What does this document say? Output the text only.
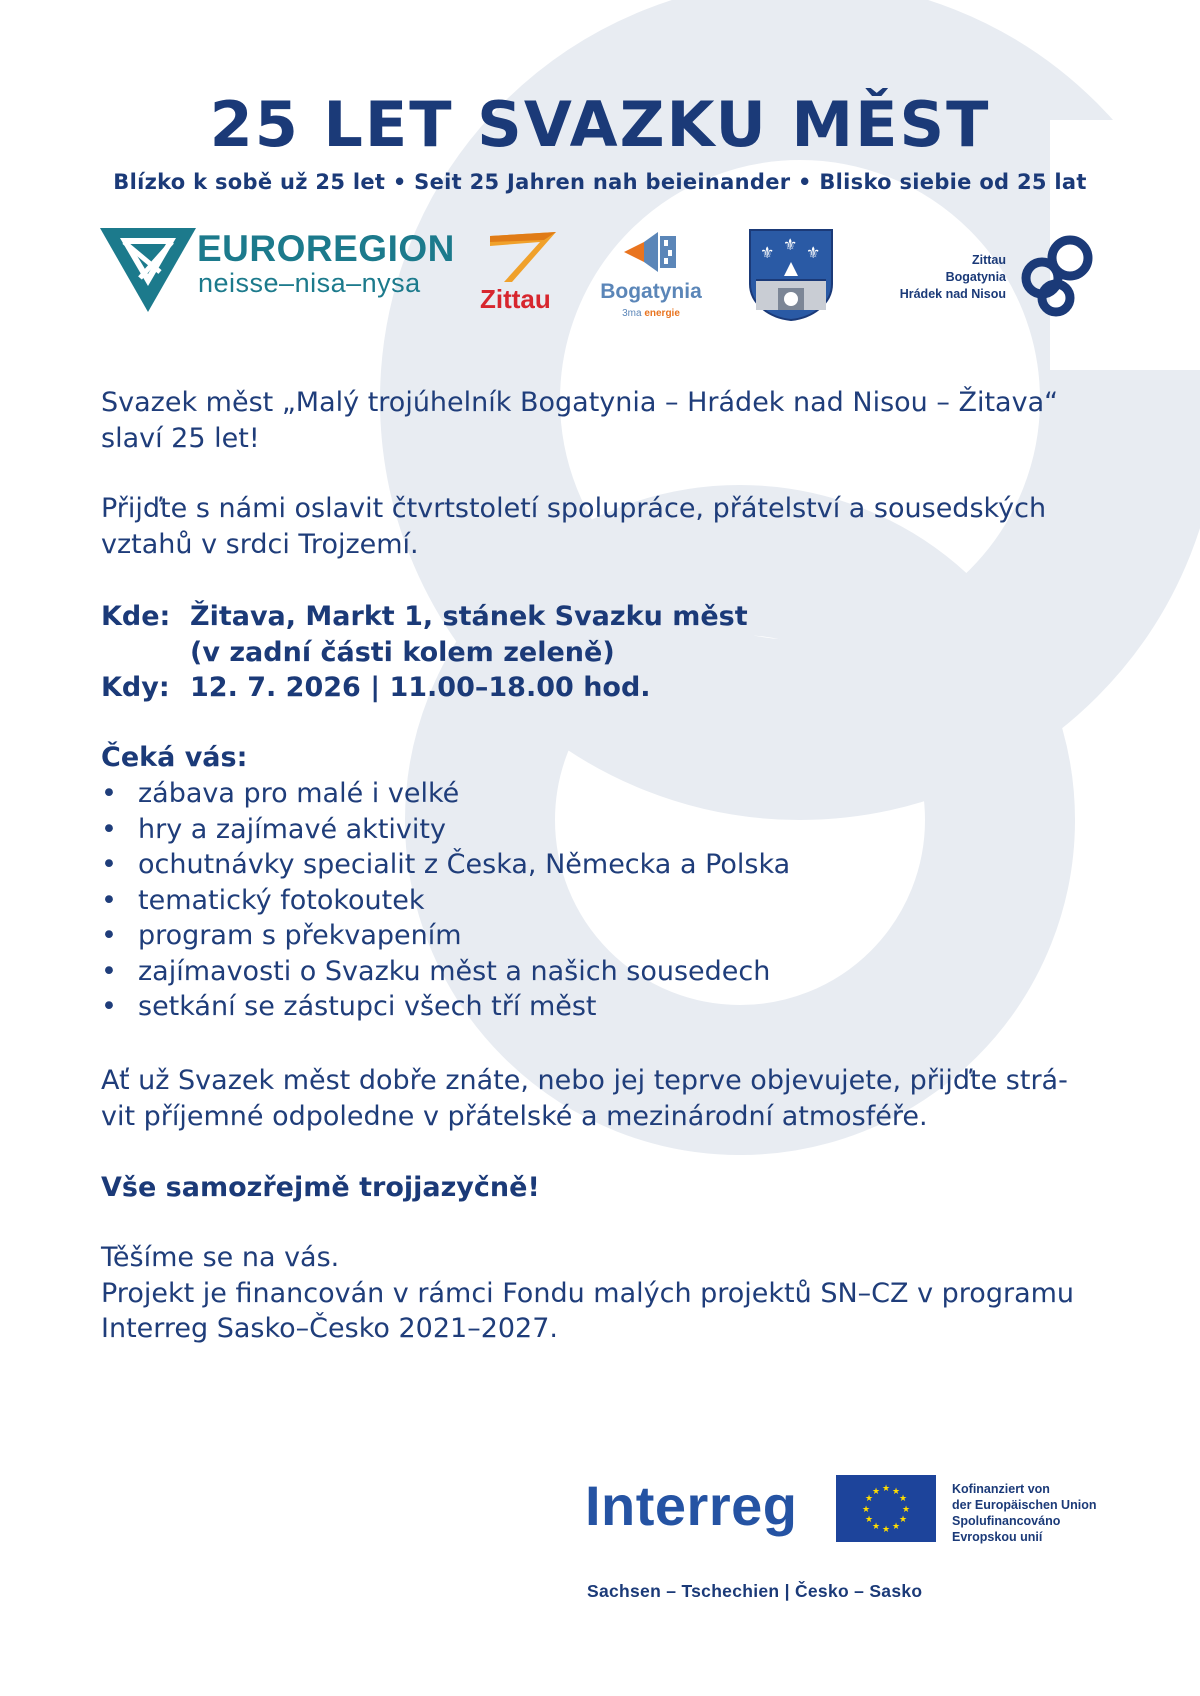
25 LET SVAZKU MĚST
Blízko k sobě už 25 let • Seit 25 Jahren nah beieinander • Blisko siebie od 25 lat
EUROREGION
neisse–nisa–nysa
Zittau Bogatynia
3ma energie
⚜ ⚜
⚜
Zittau
Bogatynia
Hrádek nad Nisou
Svazek měst „Malý trojúhelník Bogatynia – Hrádek nad Nisou – Žitava“
slaví 25 let!
Přijďte s námi oslavit čtvrtstoletí spolupráce, přátelství a sousedských
vztahů v srdci Trojzemí.
Kde: Žitava, Markt 1, stánek Svazku měst
(v zadní části kolem zeleně)
Kdy: 12. 7. 2026 | 11.00–18.00 hod.
Čeká vás:
• zábava pro malé i velké
• hry a zajímavé aktivity
• ochutnávky specialit z Česka, Německa a Polska
• tematický fotokoutek
• program s překvapením
• zajímavosti o Svazku měst a našich sousedech
• setkání se zástupci všech tří měst
Ať už Svazek měst dobře znáte, nebo jej teprve objevujete, přijďte strá-
vit příjemné odpoledne v přátelské a mezinárodní atmosféře.
Vše samozřejmě trojjazyčně!
Těšíme se na vás.
Projekt je financován v rámci Fondu malých projektů SN–CZ v programu
Interreg Sasko–Česko 2021–2027.
Interreg	★ ★
★
★
★
★
★
★
★
★
★
★	Kofinanziert von
der Europäischen Union
Spolufinancováno
Evropskou unií
Sachsen – Tschechien | Česko – Sasko
